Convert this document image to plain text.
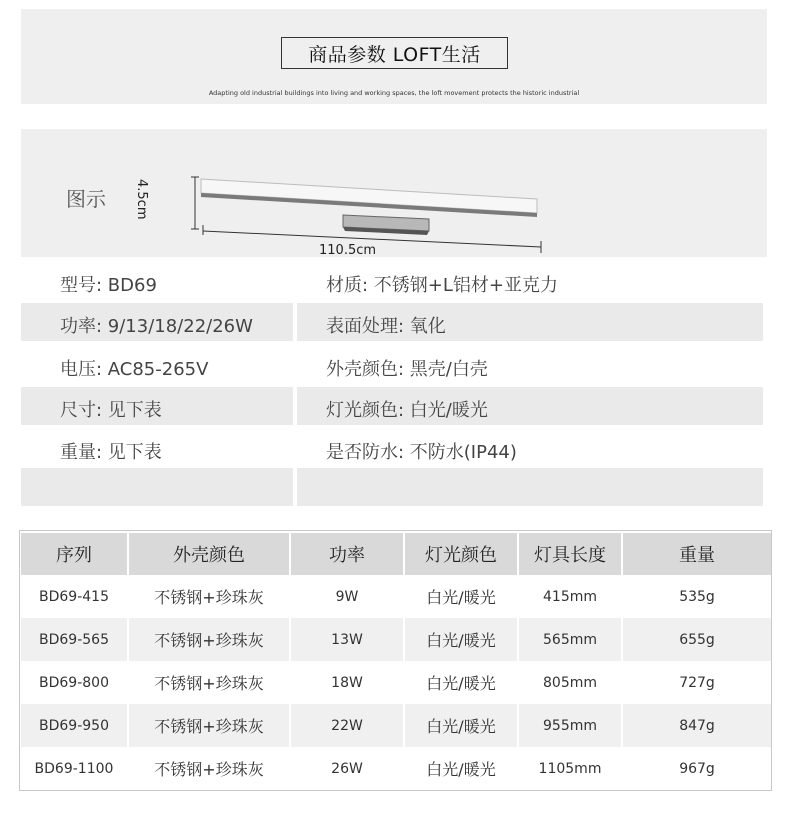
商品参数 LOFT生活
Adapting old industrial buildings into living and working spaces, the loft movement protects the historic industrial
图示 4.5cm
110.5cm
型号: BD69	材质: 不锈钢+L铝材+亚克力
功率: 9/13/18/22/26W	表面处理: 氧化
电压: AC85-265V	外壳颜色: 黑壳/白壳
尺寸: 见下表	灯光颜色: 白光/暖光
重量: 见下表	是否防水: 不防水(IP44)
序列	外壳颜色	功率	灯光颜色	灯具长度	重量
BD69-415	不锈钢+珍珠灰	9W	白光/暖光	415mm	535g
BD69-565	不锈钢+珍珠灰	13W	白光/暖光	565mm	655g
BD69-800	不锈钢+珍珠灰	18W	白光/暖光	805mm	727g
BD69-950	不锈钢+珍珠灰	22W	白光/暖光	955mm	847g
BD69-1100	不锈钢+珍珠灰	26W	白光/暖光	1105mm	967g
